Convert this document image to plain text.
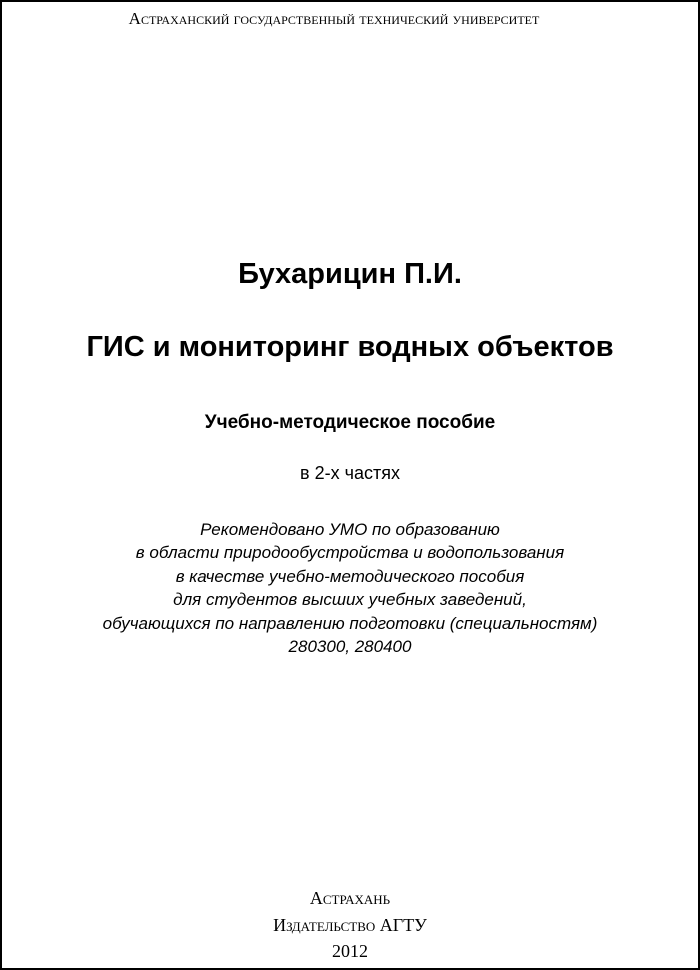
Астраханский государственный технический университет
Бухарицин П.И.
ГИС и мониторинг водных объектов
Учебно-методическое пособие
в 2-х частях
Рекомендовано УМО по образованию
в области природообустройства и водопользования
в качестве учебно-методического пособия
для студентов высших учебных заведений,
обучающихся по направлению подготовки (специальностям)
280300, 280400
Астрахань
Издательство АГТУ
2012
